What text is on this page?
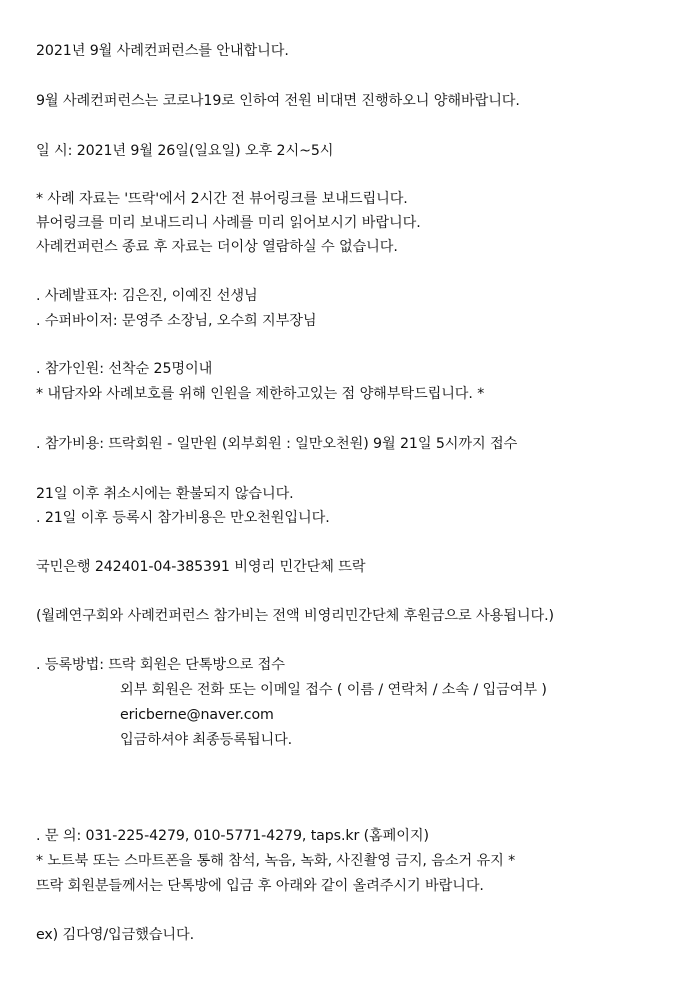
2021년 9월 사례컨퍼런스를 안내합니다.
9월 사례컨퍼런스는 코로나19로 인하여 전원 비대면 진행하오니 양해바랍니다.
일 시: 2021년 9월 26일(일요일) 오후 2시~5시
* 사례 자료는 '뜨락'에서 2시간 전 뷰어링크를 보내드립니다.
뷰어링크를 미리 보내드리니 사례를 미리 읽어보시기 바랍니다.
사례컨퍼런스 종료 후 자료는 더이상 열람하실 수 없습니다.
. 사례발표자: 김은진, 이예진 선생님
. 수퍼바이저: 문영주 소장님, 오수희 지부장님
. 참가인원: 선착순 25명이내
* 내담자와 사례보호를 위해 인원을 제한하고있는 점 양해부탁드립니다. *
. 참가비용: 뜨락회원 - 일만원 (외부회원 : 일만오천원) 9월 21일 5시까지 접수
21일 이후 취소시에는 환불되지 않습니다.
. 21일 이후 등록시 참가비용은 만오천원입니다.
국민은행 242401-04-385391 비영리 민간단체 뜨락
(월례연구회와 사례컨퍼런스 참가비는 전액 비영리민간단체 후원금으로 사용됩니다.)
. 등록방법: 뜨락 회원은 단톡방으로 접수
외부 회원은 전화 또는 이메일 접수 ( 이름 / 연락처 / 소속 / 입금여부 )
ericberne@naver.com
입금하셔야 최종등록됩니다.
. 문 의: 031-225-4279, 010-5771-4279, taps.kr (홈페이지)
* 노트북 또는 스마트폰을 통해 참석, 녹음, 녹화, 사진촬영 금지, 음소거 유지 *
뜨락 회원분들께서는 단톡방에 입금 후 아래와 같이 올려주시기 바랍니다.
ex) 김다영/입금했습니다.
